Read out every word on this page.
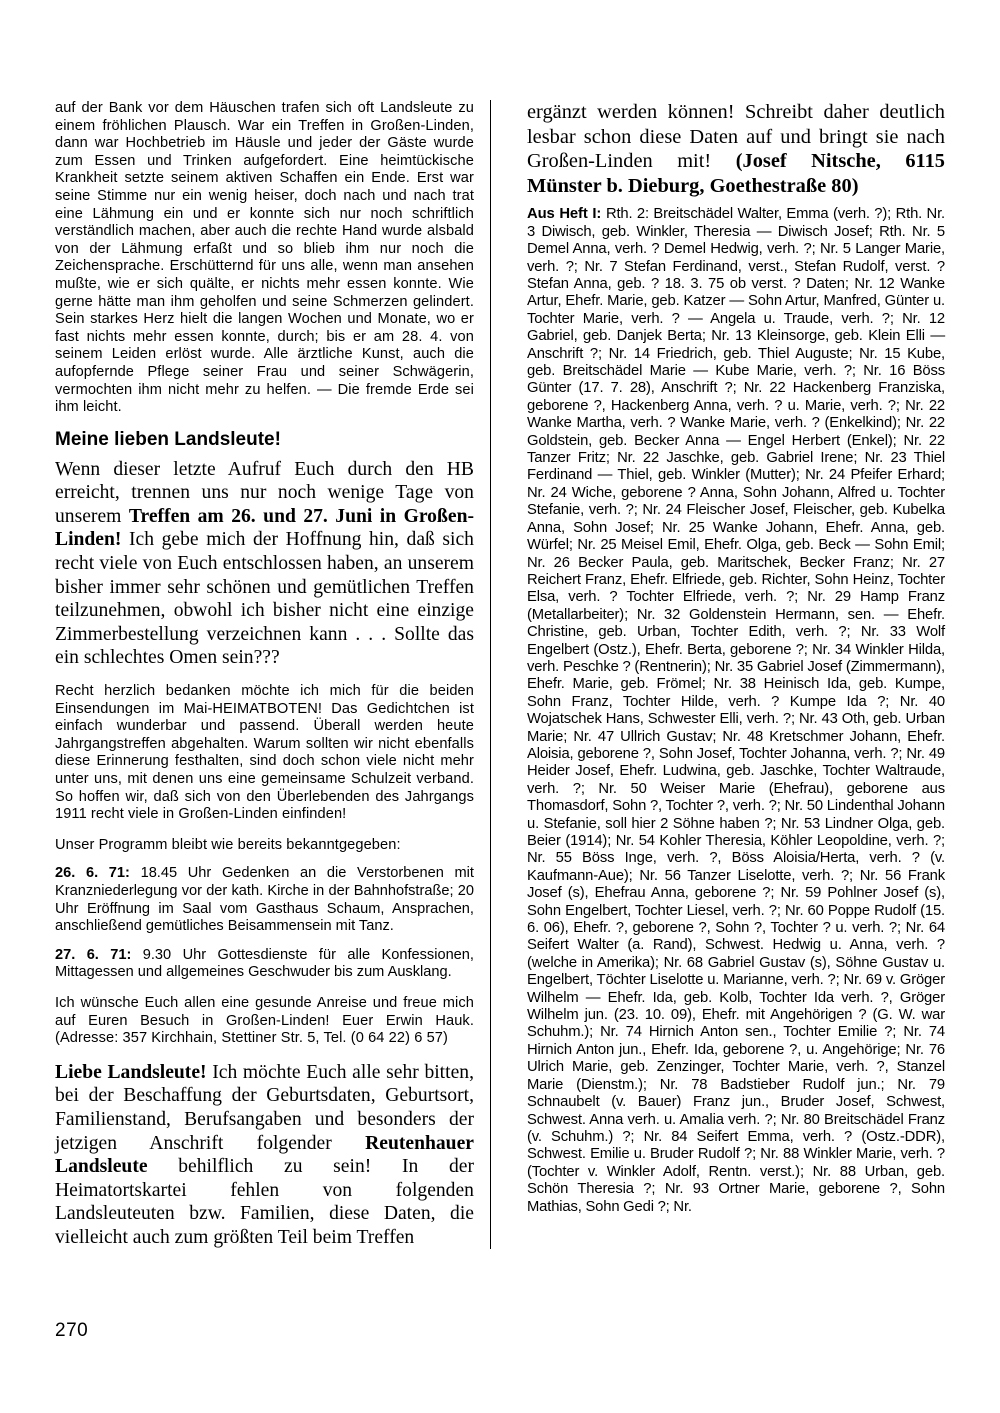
auf der Bank vor dem Häuschen trafen sich oft Landsleute zu einem fröhlichen Plausch. War ein Treffen in Großen-Linden, dann war Hochbetrieb im Häusle und jeder der Gäste wurde zum Essen und Trinken aufgefordert. Eine heimtückische Krankheit setzte seinem aktiven Schaffen ein Ende. Erst war seine Stimme nur ein wenig heiser, doch nach und nach trat eine Lähmung ein und er konnte sich nur noch schriftlich verständlich machen, aber auch die rechte Hand wurde alsbald von der Lähmung erfaßt und so blieb ihm nur noch die Zeichensprache. Erschütternd für uns alle, wenn man ansehen mußte, wie er sich quälte, er nichts mehr essen konnte. Wie gerne hätte man ihm geholfen und seine Schmerzen gelindert. Sein starkes Herz hielt die langen Wochen und Monate, wo er fast nichts mehr essen konnte, durch; bis er am 28. 4. von seinem Leiden erlöst wurde. Alle ärztliche Kunst, auch die aufopfernde Pflege seiner Frau und seiner Schwägerin, vermochten ihm nicht mehr zu helfen. — Die fremde Erde sei ihm leicht.

Meine lieben Landsleute!

Wenn dieser letzte Aufruf Euch durch den HB erreicht, trennen uns nur noch wenige Tage von unserem Treffen am 26. und 27. Juni in Großen-Linden! Ich gebe mich der Hoffnung hin, daß sich recht viele von Euch entschlossen haben, an unserem bisher immer sehr schönen und gemütlichen Treffen teilzunehmen, obwohl ich bisher nicht eine einzige Zimmerbestellung verzeichnen kann . . . Sollte das ein schlechtes Omen sein???

Recht herzlich bedanken möchte ich mich für die beiden Einsendungen im Mai-HEIMATBOTEN! Das Gedichtchen ist einfach wunderbar und passend. Überall werden heute Jahrgangstreffen abgehalten. Warum sollten wir nicht ebenfalls diese Erinnerung festhalten, sind doch schon viele nicht mehr unter uns, mit denen uns eine gemeinsame Schulzeit verband. So hoffen wir, daß sich von den Überlebenden des Jahrgangs 1911 recht viele in Großen-Linden einfinden!

Unser Programm bleibt wie bereits bekanntgegeben:

26. 6. 71: 18.45 Uhr Gedenken an die Verstorbenen mit Kranzniederlegung vor der kath. Kirche in der Bahnhofstraße; 20 Uhr Eröffnung im Saal vom Gasthaus Schaum, Ansprachen, anschließend gemütliches Beisammensein mit Tanz.

27. 6. 71: 9.30 Uhr Gottesdienste für alle Konfessionen, Mittagessen und allgemeines Geschwuder bis zum Ausklang.

Ich wünsche Euch allen eine gesunde Anreise und freue mich auf Euren Besuch in Großen-Linden! Euer Erwin Hauk. (Adresse: 357 Kirchhain, Stettiner Str. 5, Tel. (0 64 22) 6 57)

Liebe Landsleute! Ich möchte Euch alle sehr bitten, bei der Beschaffung der Geburtsdaten, Geburtsort, Familienstand, Berufsangaben und besonders der jetzigen Anschrift folgender Reutenhauer Landsleute behilflich zu sein! In der Heimatortskartei fehlen von folgenden Landsleuteuten bzw. Familien, diese Daten, die vielleicht auch zum größten Teil beim Treffen

ergänzt werden können! Schreibt daher deutlich lesbar schon diese Daten auf und bringt sie nach Großen-Linden mit! (Josef Nitsche, 6115 Münster b. Dieburg, Goethestraße 80)

Aus Heft I: Rth. 2: Breitschädel Walter, Emma (verh. ?); Rth. Nr. 3 Diwisch, geb. Winkler, Theresia — Diwisch Josef; Rth. Nr. 5 Demel Anna, verh. ? Demel Hedwig, verh. ?; Nr. 5 Langer Marie, verh. ?; Nr. 7 Stefan Ferdinand, verst., Stefan Rudolf, verst. ? Stefan Anna, geb. ? 18. 3. 75 ob verst. ? Daten; Nr. 12 Wanke Artur, Ehefr. Marie, geb. Katzer — Sohn Artur, Manfred, Günter u. Tochter Marie, verh. ? — Angela u. Traude, verh. ?; Nr. 12 Gabriel, geb. Danjek Berta; Nr. 13 Kleinsorge, geb. Klein Elli — Anschrift ?; Nr. 14 Friedrich, geb. Thiel Auguste; Nr. 15 Kube, geb. Breitschädel Marie — Kube Marie, verh. ?; Nr. 16 Böss Günter (17. 7. 28), Anschrift ?; Nr. 22 Hackenberg Franziska, geborene ?, Hackenberg Anna, verh. ? u. Marie, verh. ?; Nr. 22 Wanke Martha, verh. ? Wanke Marie, verh. ? (Enkelkind); Nr. 22 Goldstein, geb. Becker Anna — Engel Herbert (Enkel); Nr. 22 Tanzer Fritz; Nr. 22 Jaschke, geb. Gabriel Irene; Nr. 23 Thiel Ferdinand — Thiel, geb. Winkler (Mutter); Nr. 24 Pfeifer Erhard; Nr. 24 Wiche, geborene ? Anna, Sohn Johann, Alfred u. Tochter Stefanie, verh. ?; Nr. 24 Fleischer Josef, Fleischer, geb. Kubelka Anna, Sohn Josef; Nr. 25 Wanke Johann, Ehefr. Anna, geb. Würfel; Nr. 25 Meisel Emil, Ehefr. Olga, geb. Beck — Sohn Emil; Nr. 26 Becker Paula, geb. Maritschek, Becker Franz; Nr. 27 Reichert Franz, Ehefr. Elfriede, geb. Richter, Sohn Heinz, Tochter Elsa, verh. ? Tochter Elfriede, verh. ?; Nr. 29 Hamp Franz (Metallarbeiter); Nr. 32 Goldenstein Hermann, sen. — Ehefr. Christine, geb. Urban, Tochter Edith, verh. ?; Nr. 33 Wolf Engelbert (Ostz.), Ehefr. Berta, geborene ?; Nr. 34 Winkler Hilda, verh. Peschke ? (Rentnerin); Nr. 35 Gabriel Josef (Zimmermann), Ehefr. Marie, geb. Frömel; Nr. 38 Heinisch Ida, geb. Kumpe, Sohn Franz, Tochter Hilde, verh. ? Kumpe Ida ?; Nr. 40 Wojatschek Hans, Schwester Elli, verh. ?; Nr. 43 Oth, geb. Urban Marie; Nr. 47 Ullrich Gustav; Nr. 48 Kretschmer Johann, Ehefr. Aloisia, geborene ?, Sohn Josef, Tochter Johanna, verh. ?; Nr. 49 Heider Josef, Ehefr. Ludwina, geb. Jaschke, Tochter Waltraude, verh. ?; Nr. 50 Weiser Marie (Ehefrau), geborene aus Thomasdorf, Sohn ?, Tochter ?, verh. ?; Nr. 50 Lindenthal Johann u. Stefanie, soll hier 2 Söhne haben ?; Nr. 53 Lindner Olga, geb. Beier (1914); Nr. 54 Kohler Theresia, Köhler Leopoldine, verh. ?; Nr. 55 Böss Inge, verh. ?, Böss Aloisia/Herta, verh. ? (v. Kaufmann-Aue); Nr. 56 Tanzer Liselotte, verh. ?; Nr. 56 Frank Josef (s), Ehefrau Anna, geborene ?; Nr. 59 Pohlner Josef (s), Sohn Engelbert, Tochter Liesel, verh. ?; Nr. 60 Poppe Rudolf (15. 6. 06), Ehefr. ?, geborene ?, Sohn ?, Tochter ? u. verh. ?; Nr. 64 Seifert Walter (a. Rand), Schwest. Hedwig u. Anna, verh. ? (welche in Amerika); Nr. 68 Gabriel Gustav (s), Söhne Gustav u. Engelbert, Töchter Liselotte u. Marianne, verh. ?; Nr. 69 v. Gröger Wilhelm — Ehefr. Ida, geb. Kolb, Tochter Ida verh. ?, Gröger Wilhelm jun. (23. 10. 09), Ehefr. mit Angehörigen ? (G. W. war Schuhm.); Nr. 74 Hirnich Anton sen., Tochter Emilie ?; Nr. 74 Hirnich Anton jun., Ehefr. Ida, geborene ?, u. Angehörige; Nr. 76 Ulrich Marie, geb. Zenzinger, Tochter Marie, verh. ?, Stanzel Marie (Dienstm.); Nr. 78 Badstieber Rudolf jun.; Nr. 79 Schnaubelt (v. Bauer) Franz jun., Bruder Josef, Schwest, Schwest. Anna verh. u. Amalia verh. ?; Nr. 80 Breitschädel Franz (v. Schuhm.) ?; Nr. 84 Seifert Emma, verh. ? (Ostz.-DDR), Schwest. Emilie u. Bruder Rudolf ?; Nr. 88 Winkler Marie, verh. ? (Tochter v. Winkler Adolf, Rentn. verst.); Nr. 88 Urban, geb. Schön Theresia ?; Nr. 93 Ortner Marie, geborene ?, Sohn Mathias, Sohn Gedi ?; Nr.

270
